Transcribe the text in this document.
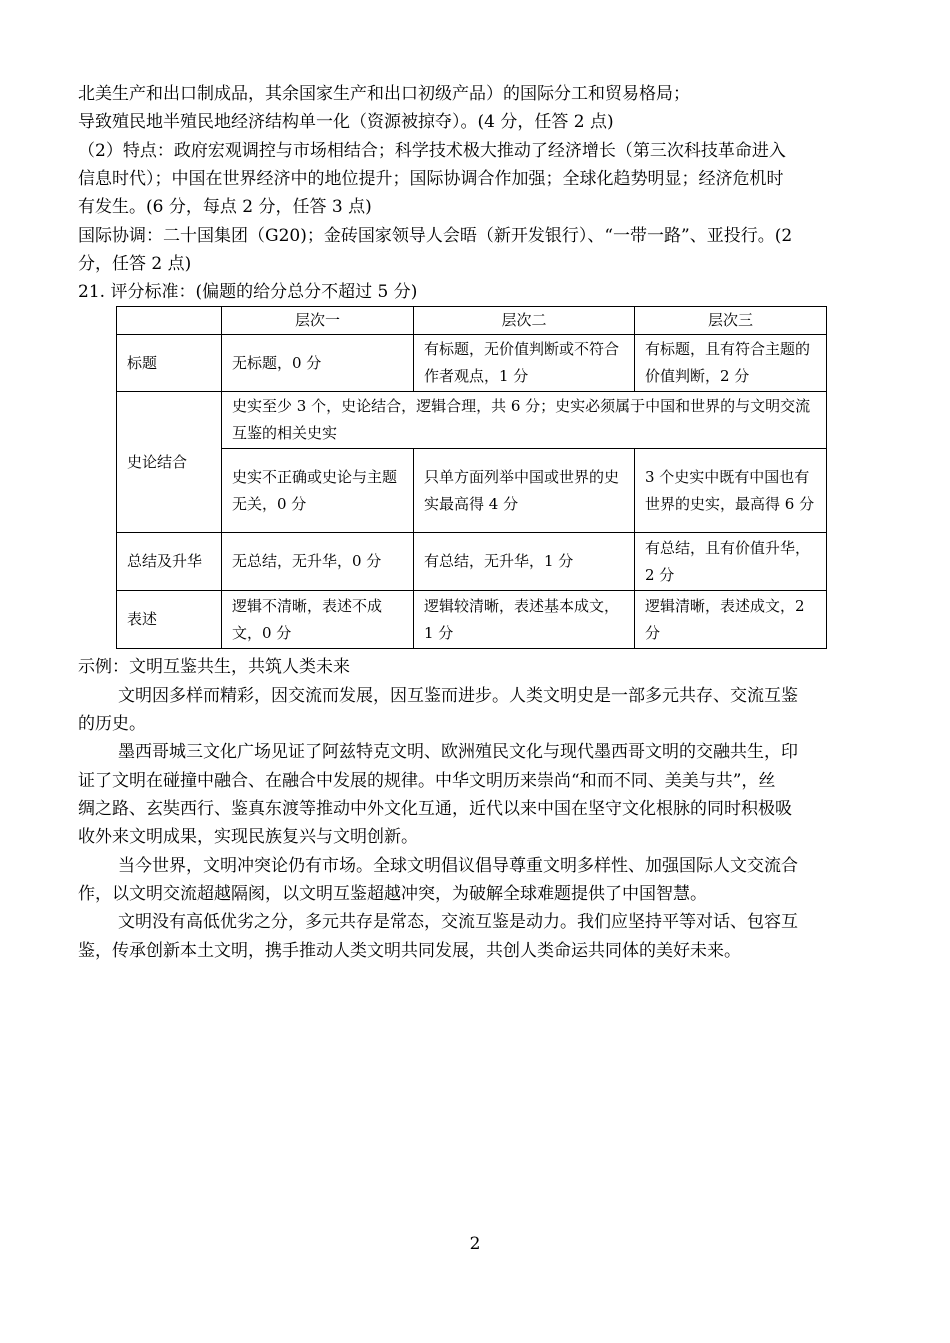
北美生产和出口制成品，其余国家生产和出口初级产品）的国际分工和贸易格局；
导致殖民地半殖民地经济结构单一化（资源被掠夺）。(4 分，任答 2 点)
（2）特点：政府宏观调控与市场相结合；科学技术极大推动了经济增长（第三次科技革命进入
信息时代）；中国在世界经济中的地位提升；国际协调合作加强；全球化趋势明显；经济危机时
有发生。(6 分，每点 2 分，任答 3 点)
国际协调：二十国集团（G20)；金砖国家领导人会晤（新开发银行）、“一带一路”、亚投行。(2
分，任答 2 点)
21. 评分标准：(偏题的给分总分不超过 5 分)
	层次一	层次二	层次三
标题	无标题，0 分	有标题，无价值判断或不符合作者观点，1 分	有标题，且有符合主题的价值判断，2 分
史论结合	史实至少 3 个，史论结合，逻辑合理，共 6 分；史实必须属于中国和世界的与文明交流互鉴的相关史实		
	史实不正确或史论与主题无关，0 分	只单方面列举中国或世界的史实最高得 4 分	3 个史实中既有中国也有世界的史实，最高得 6 分
总结及升华	无总结，无升华，0 分	有总结，无升华，1 分	有总结，且有价值升华，2 分
表述	逻辑不清晰，表述不成文，0 分	逻辑较清晰，表述基本成文，1 分	逻辑清晰，表述成文，2 分
示例：文明互鉴共生，共筑人类未来
文明因多样而精彩，因交流而发展，因互鉴而进步。人类文明史是一部多元共存、交流互鉴
的历史。
墨西哥城三文化广场见证了阿兹特克文明、欧洲殖民文化与现代墨西哥文明的交融共生，印
证了文明在碰撞中融合、在融合中发展的规律。中华文明历来崇尚“和而不同、美美与共”，丝
绸之路、玄奘西行、鉴真东渡等推动中外文化互通，近代以来中国在坚守文化根脉的同时积极吸
收外来文明成果，实现民族复兴与文明创新。
当今世界，文明冲突论仍有市场。全球文明倡议倡导尊重文明多样性、加强国际人文交流合
作，以文明交流超越隔阂，以文明互鉴超越冲突，为破解全球难题提供了中国智慧。
文明没有高低优劣之分，多元共存是常态，交流互鉴是动力。我们应坚持平等对话、包容互
鉴，传承创新本土文明，携手推动人类文明共同发展，共创人类命运共同体的美好未来。
2
